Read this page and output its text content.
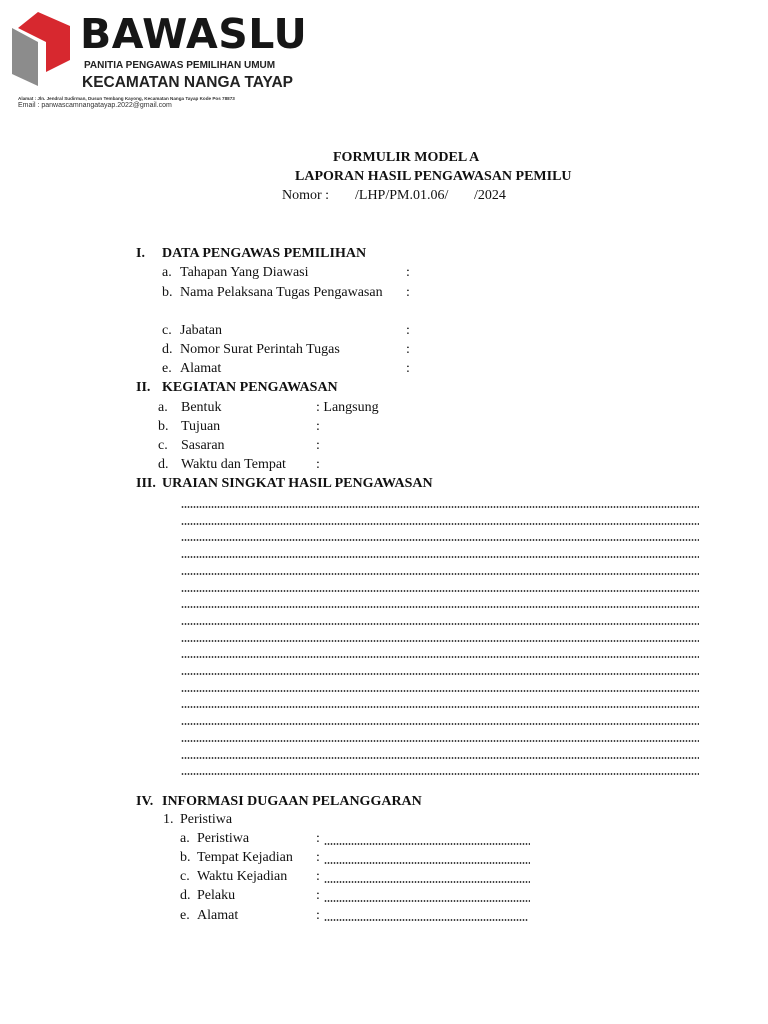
BAWASLU
PANITIA PENGAWAS PEMILIHAN UMUM
KECAMATAN NANGA TAYAP
Alamat : Jln. Jendral Sudirman, Dusun Tembang Kayong, Kecamatan Nanga Tayap Kode Pos 78873
Email : panwascamnangatayap.2022@gmail.com
FORMULIR MODEL A
LAPORAN HASIL PENGAWASAN PEMILU
Nomor : /LHP/PM.01.06/ /2024
I. DATA PENGAWAS PEMILIHAN
a. Tahapan Yang Diawasi	:
b. Nama Pelaksana Tugas Pengawasan :
c. Jabatan	:
d. Nomor Surat Perintah Tugas	:
e. Alamat	:
II. KEGIATAN PENGAWASAN
a. Bentuk	: Langsung
b. Tujuan	:
c. Sasaran	:
d. Waktu dan Tempat :
III. URAIAN SINGKAT HASIL PENGAWASAN
IV. INFORMASI DUGAAN PELANGGARAN
1. Peristiwa
a. Peristiwa	:
b. Tempat Kejadian :
c. Waktu Kejadian :
d. Pelaku	:
e. Alamat	:
